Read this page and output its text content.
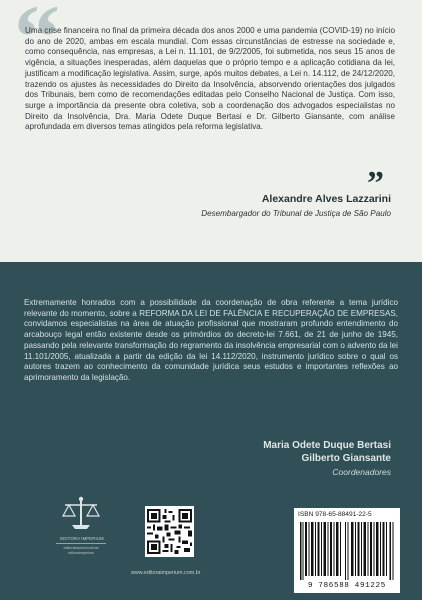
“
Uma crise financeira no final da primeira década dos anos 2000 e uma pandemia (COVID-19) no início do ano de 2020, ambas em escala mundial. Com essas circunstâncias de estresse na sociedade e, como consequência, nas empresas, a Lei n. 11.101, de 9/2/2005, foi submetida, nos seus 15 anos de vigência, a situações inesperadas, além daquelas que o próprio tempo e a aplicação cotidiana da lei, justificam a modificação legislativa. Assim, surge, após muitos debates, a Lei n. 14.112, de 24/12/2020, trazendo os ajustes às necessidades do Direito da Insolvência, absorvendo orientações dos julgados dos Tribunais, bem como de recomendações editadas pelo Conselho Nacional de Justiça. Com isso, surge a importância da presente obra coletiva, sob a coordenação dos advogados especialistas no Direito da Insolvência, Dra. Maria Odete Duque Bertasi e Dr. Gilberto Giansante, com análise aprofundada em diversos temas atingidos pela reforma legislativa.
”
Alexandre Alves Lazzarini
Desembargador do Tribunal de Justiça de São Paulo
Extremamente honrados com a possibilidade da coordenação de obra referente a tema jurídico relevante do momento, sobre a REFORMA DA LEI DE FALÊNCIA E RECUPERAÇÃO DE EMPRESAS, convidamos especialistas na área de atuação profissional que mostraram profundo entendimento do arcabouço legal então existente desde os primórdios do decreto-lei 7.661, de 21 de junho de 1945, passando pela relevante transformação do regramento da insolvência empresarial com o advento da lei 11.101/2005, atualizada a partir da edição da lei 14.112/2020, instrumento jurídico sobre o qual os autores trazem ao conhecimento da comunidade jurídica seus estudos e importantes reflexões ao aprimoramento da legislação.
Maria Odete Duque Bertasi
Gilberto Giansante
Coordenadores
EDITORA IMPERIUM
editoraimperiumoficial
editoraimperium
www.editoraimperium.com.br
ISBN 978-65-88491-22-5
9 786588 491225
